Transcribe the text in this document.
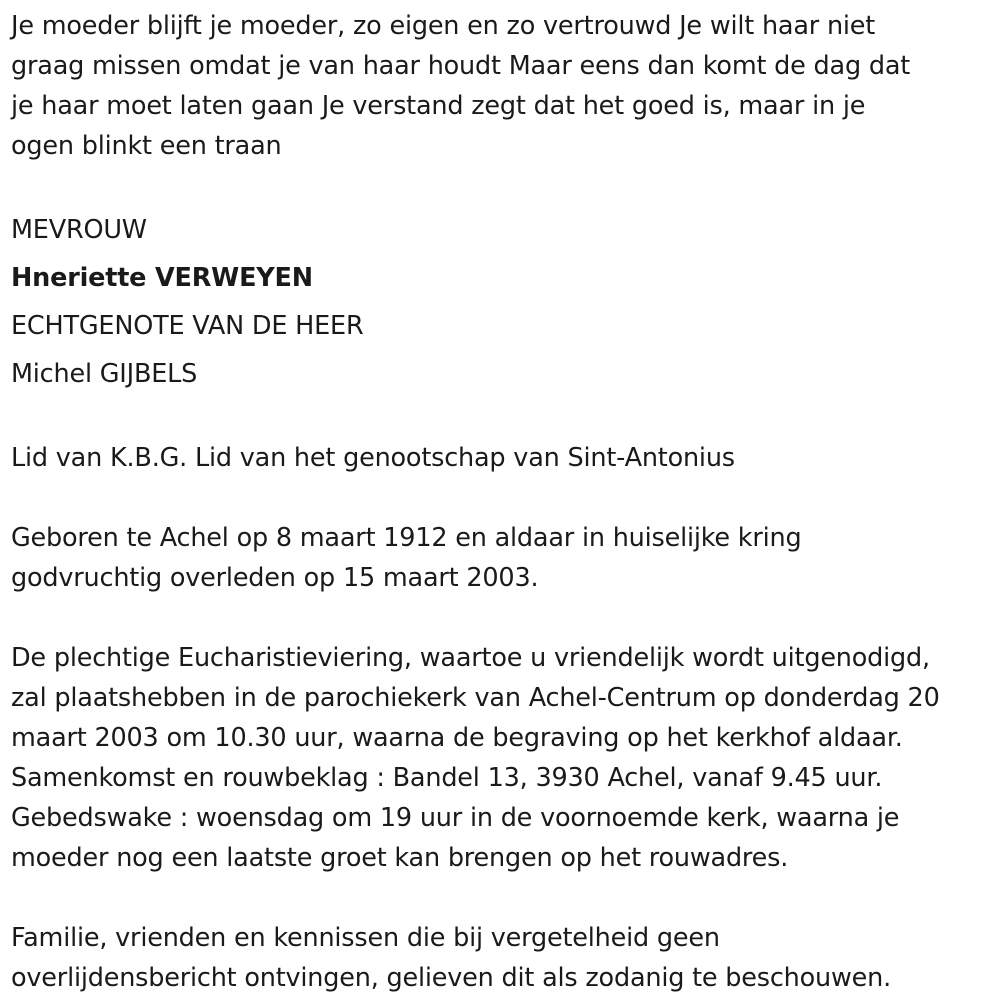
Je moeder blijft je moeder, zo eigen en zo vertrouwd Je wilt haar niet
graag missen omdat je van haar houdt Maar eens dan komt de dag dat
je haar moet laten gaan Je verstand zegt dat het goed is, maar in je
ogen blinkt een traan
MEVROUW
Hneriette VERWEYEN
ECHTGENOTE VAN DE HEER
Michel GIJBELS
Lid van K.B.G. Lid van het genootschap van Sint-Antonius
Geboren te Achel op 8 maart 1912 en aldaar in huiselijke kring
godvruchtig overleden op 15 maart 2003.
De plechtige Eucharistieviering, waartoe u vriendelijk wordt uitgenodigd,
zal plaatshebben in de parochiekerk van Achel-Centrum op donderdag 20
maart 2003 om 10.30 uur, waarna de begraving op het kerkhof aldaar.
Samenkomst en rouwbeklag : Bandel 13, 3930 Achel, vanaf 9.45 uur.
Gebedswake : woensdag om 19 uur in de voornoemde kerk, waarna je
moeder nog een laatste groet kan brengen op het rouwadres.
Familie, vrienden en kennissen die bij vergetelheid geen
overlijdensbericht ontvingen, gelieven dit als zodanig te beschouwen.
